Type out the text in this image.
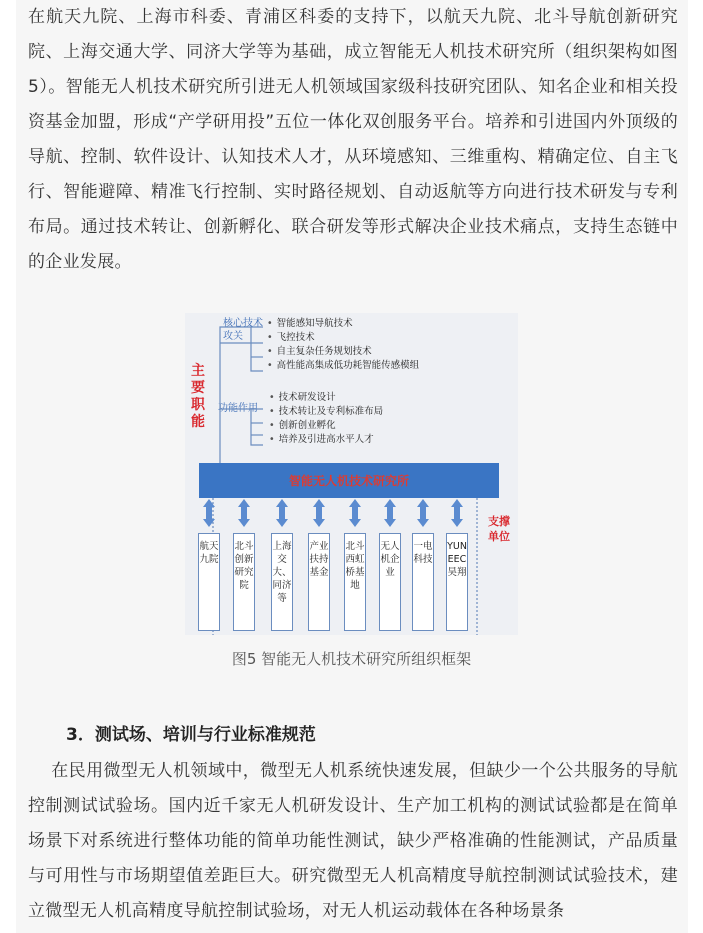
在航天九院、上海市科委、青浦区科委的支持下，以航天九院、北斗导航创新研究院、上海交通大学、同济大学等为基础，成立智能无人机技术研究所（组织架构如图5）。智能无人机技术研究所引进无人机领域国家级科技研究团队、知名企业和相关投资基金加盟，形成“产学研用投”五位一体化双创服务平台。培养和引进国内外顶级的导航、控制、软件设计、认知技术人才，从环境感知、三维重构、精确定位、自主飞行、智能避障、精准飞行控制、实时路径规划、自动返航等方向进行技术研发与专利布局。通过技术转让、创新孵化、联合研发等形式解决企业技术痛点，支持生态链中的企业发展。

主要职能
核心技术攻关
功能作用
• 智能感知导航技术
• 飞控技术
• 自主复杂任务规划技术
• 高性能高集成低功耗智能传感模组
• 技术研发设计
• 技术转让及专利标准布局
• 创新创业孵化
• 培养及引进高水平人才
智能无人机技术研究所
支撑单位
航天九院
北斗创新研究院
上海交大、同济等
产业扶持基金
北斗西虹桥基地
无人机企业
一电科技
YUNEEC昊翔
图5 智能无人机技术研究所组织框架
3．测试场、培训与行业标准规范

在民用微型无人机领域中，微型无人机系统快速发展，但缺少一个公共服务的导航控制测试试验场。国内近千家无人机研发设计、生产加工机构的测试试验都是在简单场景下对系统进行整体功能的简单功能性测试，缺少严格准确的性能测试，产品质量与可用性与市场期望值差距巨大。研究微型无人机高精度导航控制测试试验技术，建立微型无人机高精度导航控制试验场，对无人机运动载体在各种场景条
